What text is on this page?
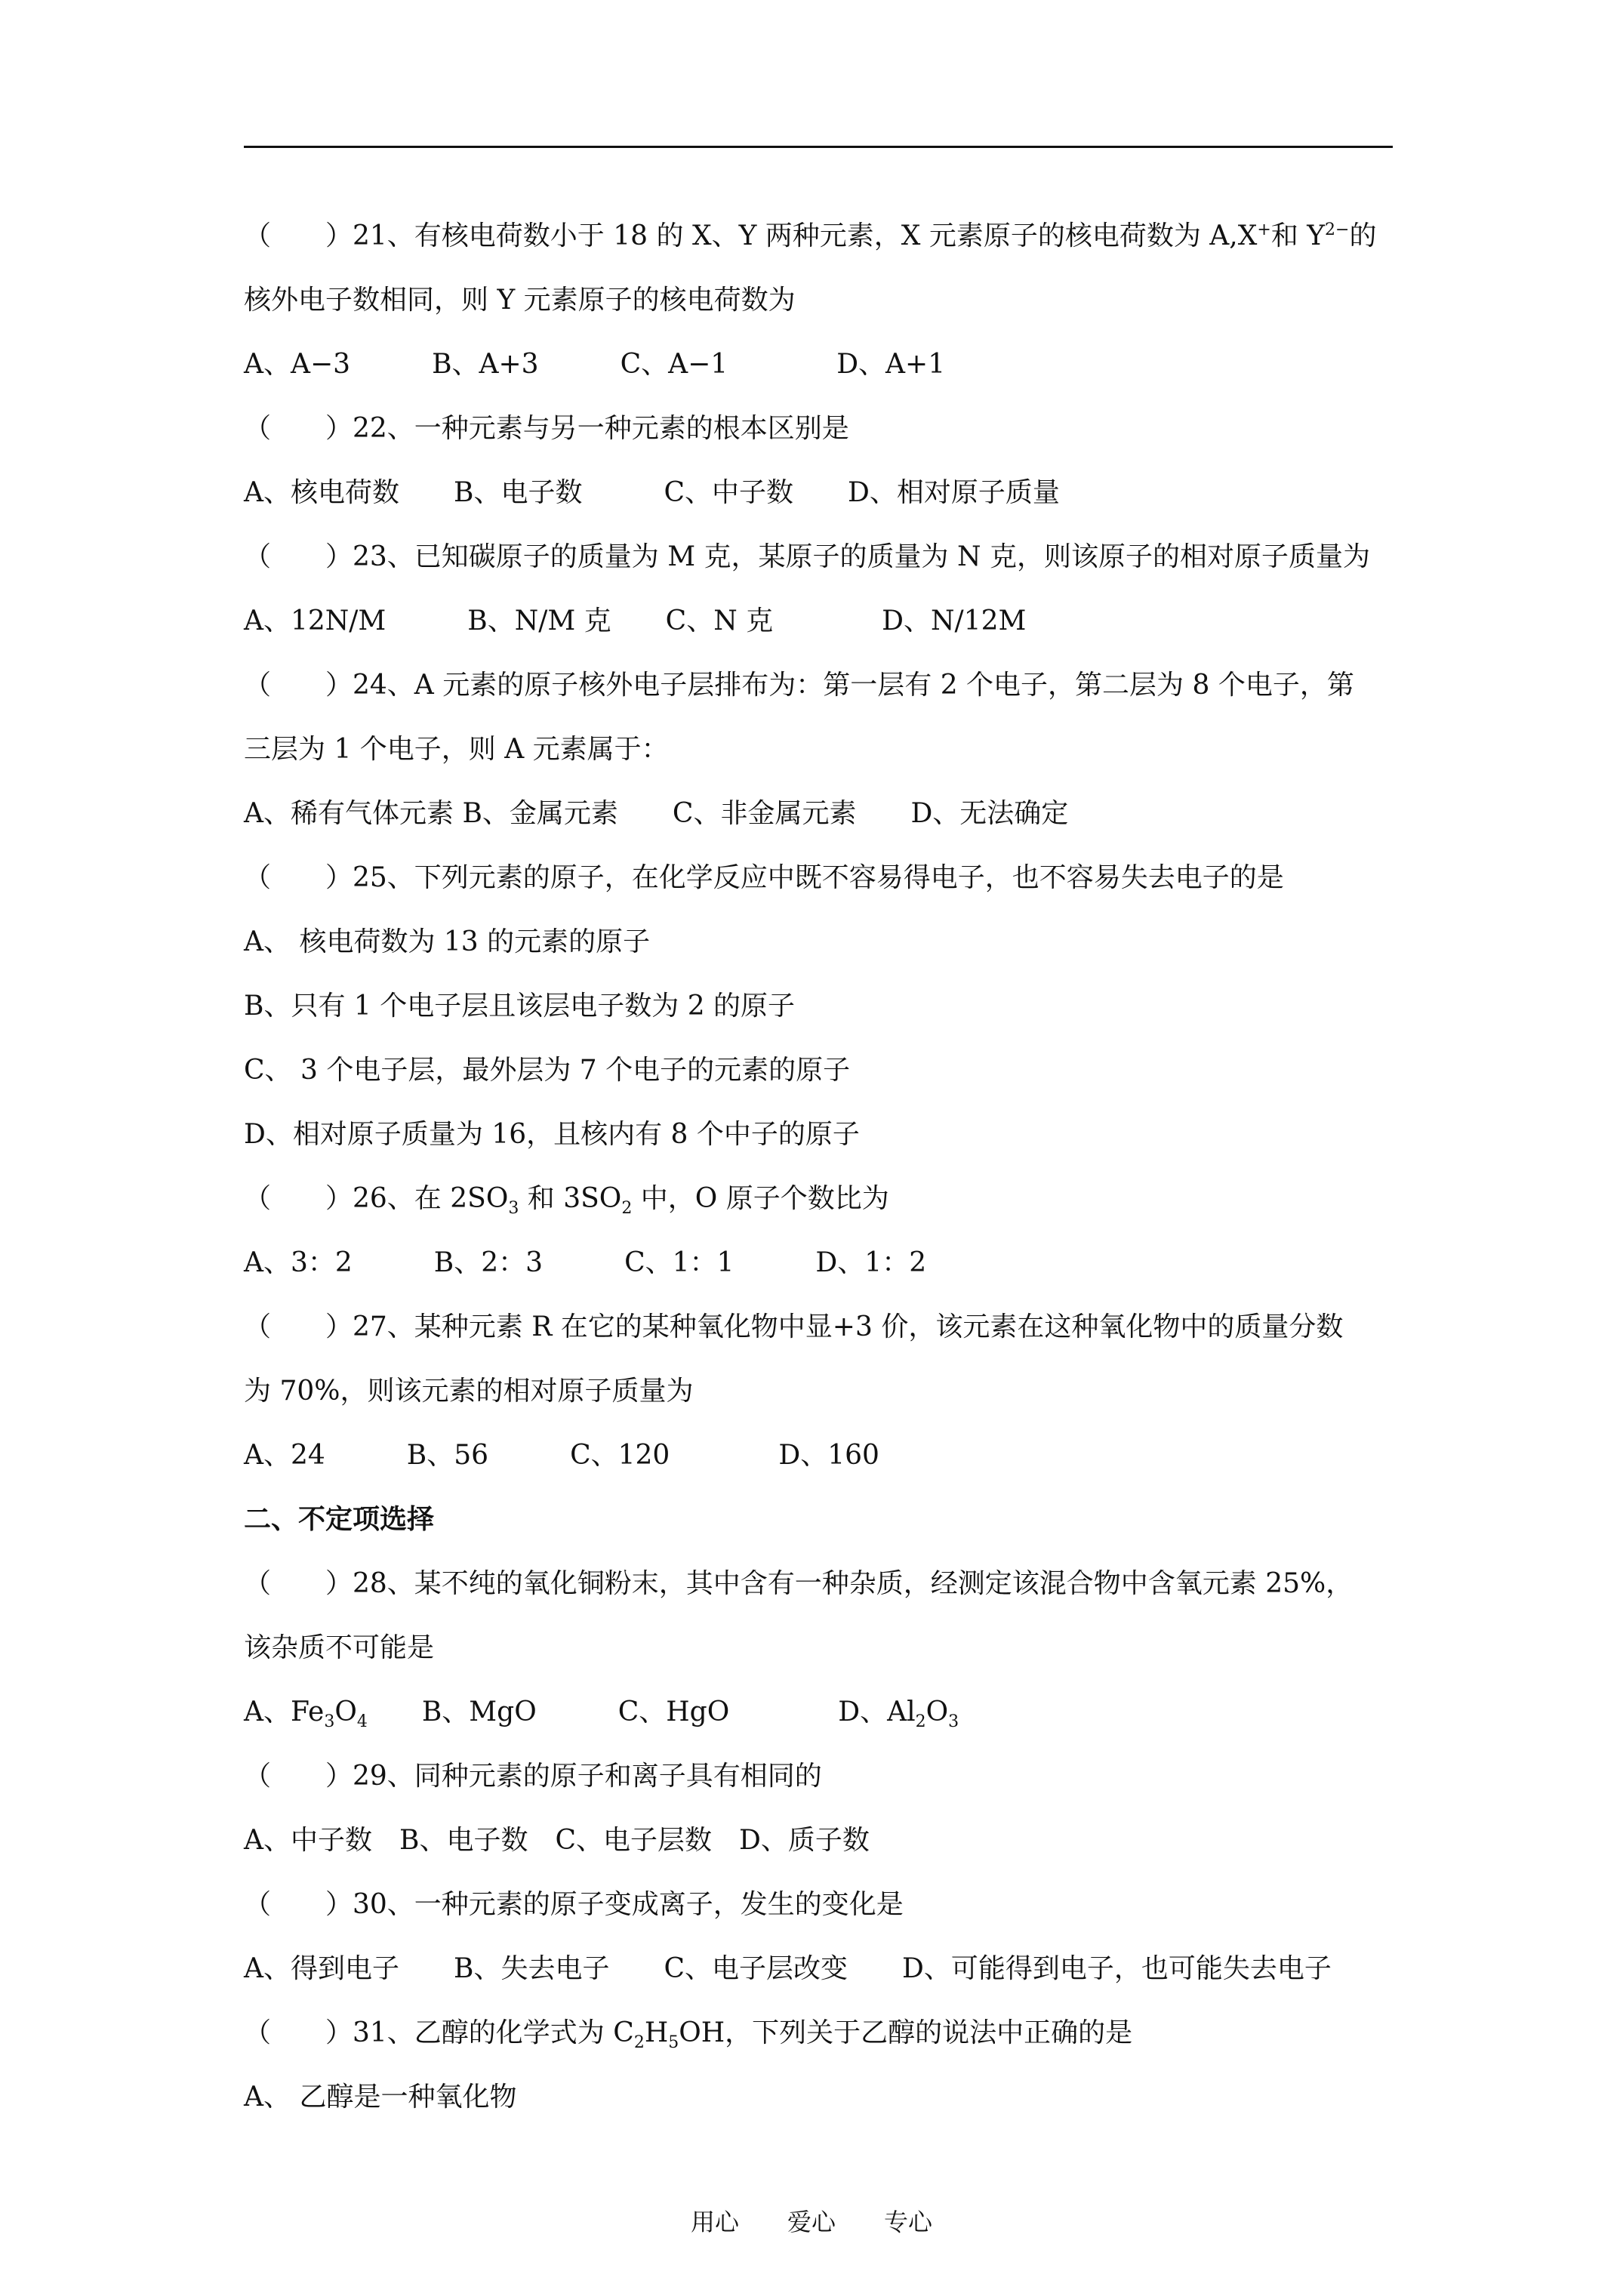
（　　）21、有核电荷数小于 18 的 X、Y 两种元素，X 元素原子的核电荷数为 A,X+和 $Y^{2-}$的
核外电子数相同，则 Y 元素原子的核电荷数为
A、A−3　　　B、A+3　　　C、A−1　　　　D、A+1
（　　）22、一种元素与另一种元素的根本区别是
A、核电荷数　　B、电子数　　　C、中子数　　D、相对原子质量
（　　）23、已知碳原子的质量为 M 克，某原子的质量为 N 克，则该原子的相对原子质量为
A、12N/M　　　B、N/M 克　　C、N 克　　　　D、N/12M
（　　）24、A 元素的原子核外电子层排布为：第一层有 2 个电子，第二层为 8 个电子，第
三层为 1 个电子，则 A 元素属于：
A、稀有气体元素 B、金属元素　　C、非金属元素　　D、无法确定
（　　）25、下列元素的原子，在化学反应中既不容易得电子，也不容易失去电子的是
A、 核电荷数为 13 的元素的原子
B、只有 1 个电子层且该层电子数为 2 的原子
C、 3 个电子层，最外层为 7 个电子的元素的原子
D、相对原子质量为 16，且核内有 8 个中子的原子
（　　）26、在 $2SO_3$ 和 $3SO_2$ 中，O 原子个数比为
A、3：2　　　B、2：3　　　C、1：1　　　D、1：2
（　　）27、某种元素 R 在它的某种氧化物中显+3 价，该元素在这种氧化物中的质量分数
为 70%，则该元素的相对原子质量为
A、24　　　B、56　　　C、120　　　　D、160
二、不定项选择
（　　）28、某不纯的氧化铜粉末，其中含有一种杂质，经测定该混合物中含氧元素 25%，
该杂质不可能是
A、$Fe_3O_4$　　B、MgO　　　C、HgO　　　　D、$Al_2O_3$
（　　）29、同种元素的原子和离子具有相同的
A、中子数　B、电子数　C、电子层数　D、质子数
（　　）30、一种元素的原子变成离子，发生的变化是
A、得到电子　　B、失去电子　　C、电子层改变　　D、可能得到电子，也可能失去电子
（　　）31、乙醇的化学式为 $C_2H_5OH$，下列关于乙醇的说法中正确的是
A、 乙醇是一种氧化物
用心　　爱心　　专心
